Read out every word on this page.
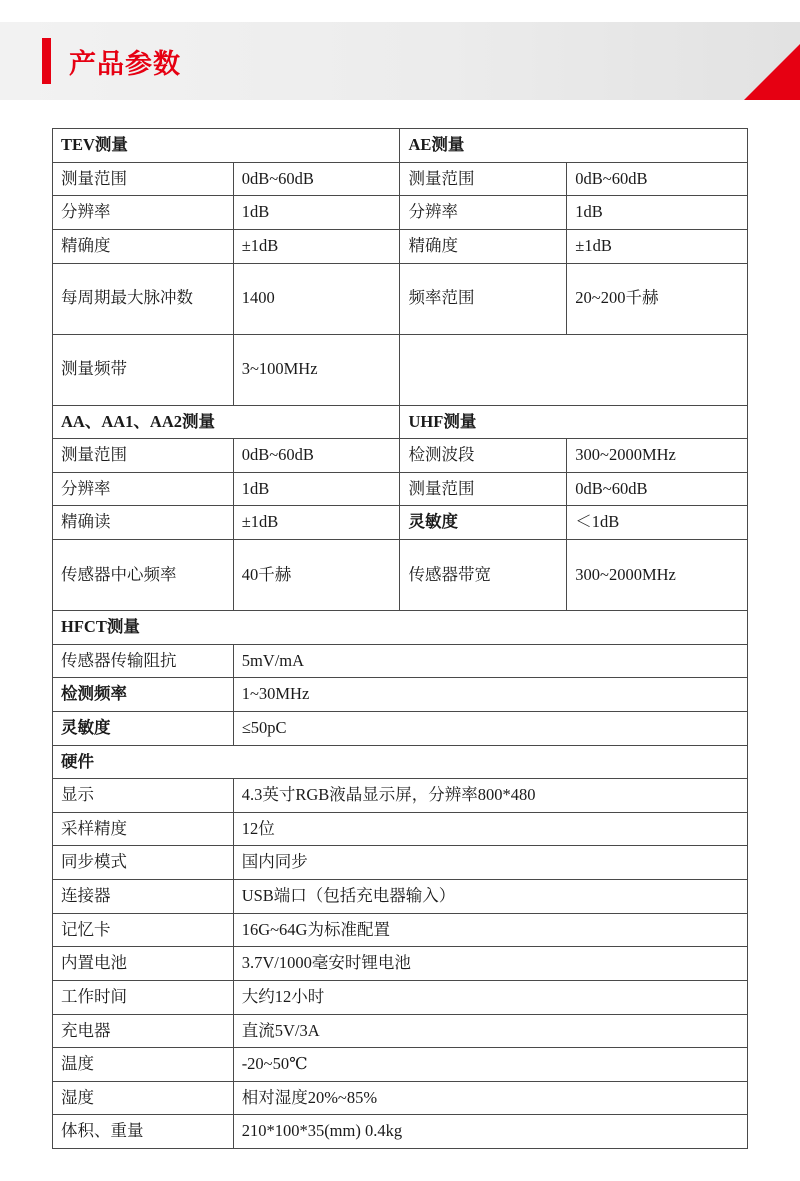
产品参数
TEV测量		AE测量	
测量范围	0dB~60dB	测量范围	0dB~60dB
分辨率	1dB	分辨率	1dB
精确度	±1dB	精确度	±1dB
每周期最大脉冲数	1400	频率范围	20~200千赫
测量频带	3~100MHz		
AA、AA1、AA2测量		UHF测量	
测量范围	0dB~60dB	检测波段	300~2000MHz
分辨率	1dB	测量范围	0dB~60dB
精确读	±1dB	灵敏度	＜1dB
传感器中心频率	40千赫	传感器带宽	300~2000MHz
HFCT测量			
传感器传输阻抗	5mV/mA		
检测频率	1~30MHz		
灵敏度	≤50pC		
硬件			
显示	4.3英寸RGB液晶显示屏，分辨率800*480		
采样精度	12位		
同步模式	国内同步		
连接器	USB端口（包括充电器输入）		
记忆卡	16G~64G为标准配置		
内置电池	3.7V/1000毫安时锂电池		
工作时间	大约12小时		
充电器	直流5V/3A		
温度	-20~50℃		
湿度	相对湿度20%~85%		
体积、重量	210*100*35(mm) 0.4kg		
